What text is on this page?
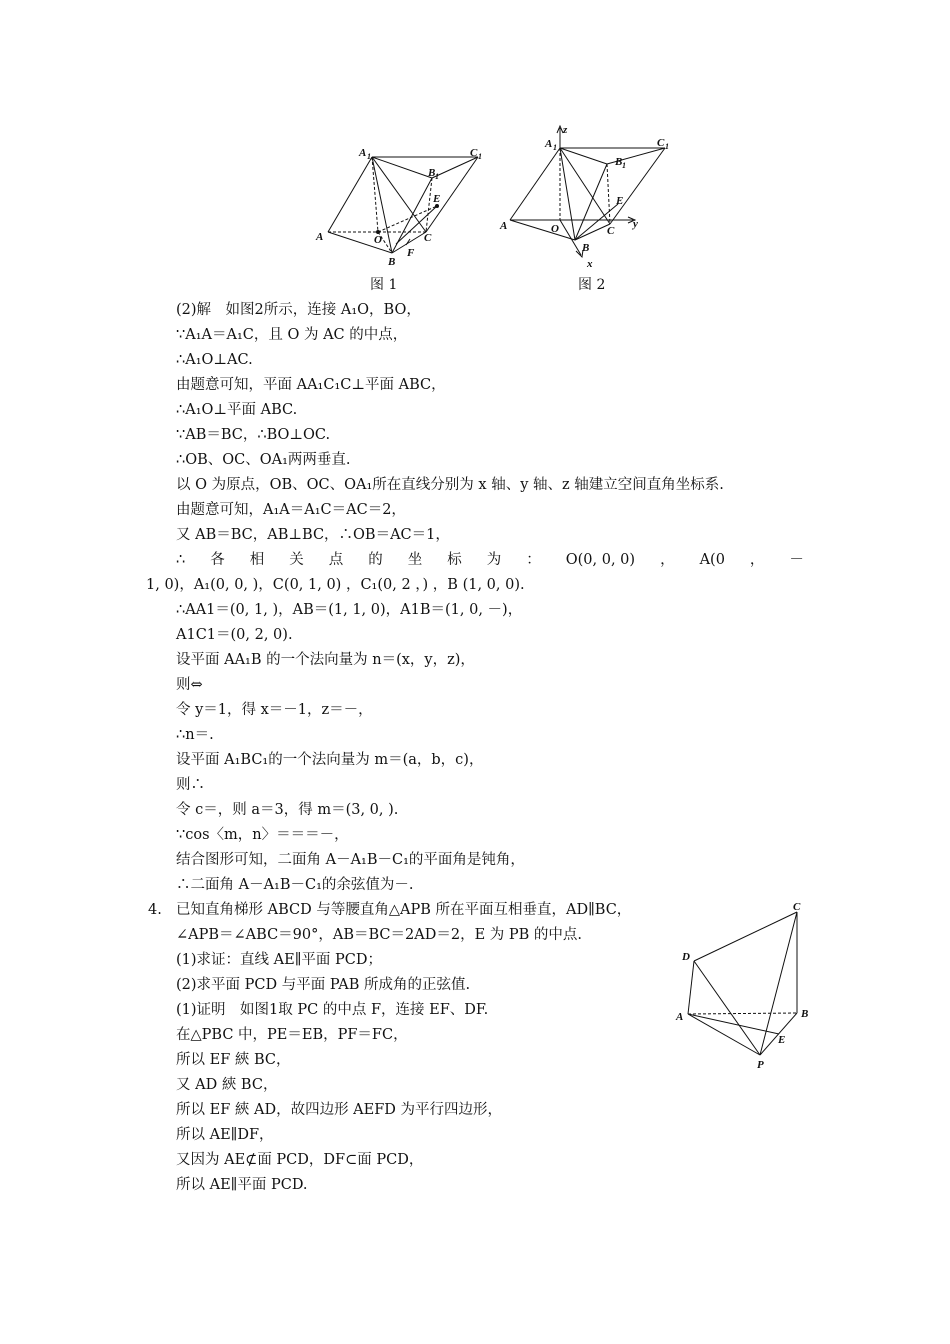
A 1	C 1
B 1
A	O	C
B
E
F
图 1
z
A 1	C 1
B 1
A	O	C
B
E
x
y
图 2
(2)解　如图2所示，连接 A₁O，BO，
∵A₁A＝A₁C，且 O 为 AC 的中点，
∴A₁O⊥AC.
由题意可知，平面 AA₁C₁C⊥平面 ABC，
∴A₁O⊥平面 ABC.
∵AB＝BC，∴BO⊥OC.
∴OB、OC、OA₁两两垂直.
以 O 为原点，OB、OC、OA₁所在直线分别为 x 轴、y 轴、z 轴建立空间直角坐标系.
由题意可知，A₁A＝A₁C＝AC＝2，
又 AB＝BC，AB⊥BC，∴OB＝AC＝1，
∴ 各 相 关 点 的 坐 标 为 ： O(0, 0, 0) ， A(0 ， －
1, 0)，A₁(0, 0, )，C(0, 1, 0) ，C₁(0, 2 ，) ，B (1, 0, 0).
∴AA1＝(0, 1, )，AB＝(1, 1, 0)，A1B＝(1, 0, －)，
A1C1＝(0, 2, 0).
设平面 AA₁B 的一个法向量为 n＝(x，y，z)，
则⇔
令 y＝1，得 x＝－1，z＝－，
∴n＝.
设平面 A₁BC₁的一个法向量为 m＝(a，b，c)，
则∴
令 c＝，则 a＝3，得 m＝(3, 0, ).
∵cos〈m，n〉＝＝＝－，
结合图形可知，二面角 A－A₁B－C₁的平面角是钝角，
∴二面角 A－A₁B－C₁的余弦值为－.
4. 已知直角梯形 ABCD 与等腰直角△APB 所在平面互相垂直，AD∥BC，
∠APB＝∠ABC＝90°，AB＝BC＝2AD＝2，E 为 PB 的中点.
(1)求证：直线 AE∥平面 PCD；
(2)求平面 PCD 与平面 PAB 所成角的正弦值.
(1)证明　如图1取 PC 的中点 F，连接 EF、DF.
在△PBC 中，PE＝EB，PF＝FC，
所以 EF 綊 BC，
又 AD 綊 BC，
所以 EF 綊 AD，故四边形 AEFD 为平行四边形，
所以 AE∥DF，
又因为 AE⊄面 PCD，DF⊂面 PCD，
所以 AE∥平面 PCD.
C
D
A	B
E
P
